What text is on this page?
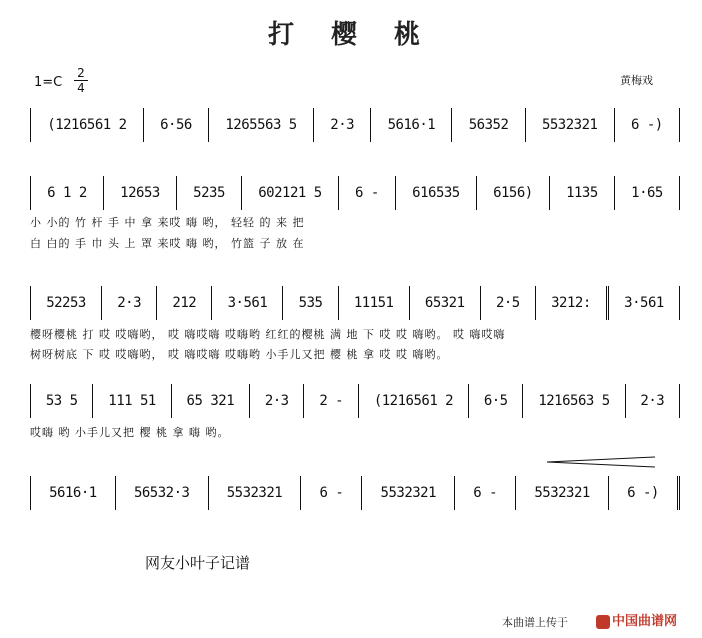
打 樱 桃
1=C
2
4
黄梅戏
(1216561 2	6·56	1265563 5	2·3	5616·1	56352	5532321	6 -)
6 1 2	12653	5235	602121 5	6 -	616535	6156)	1135	1·65
小 小的 竹 杆 手 中 拿 来哎 嗨 哟， 轻轻 的 来 把
白 白的 手 巾 头 上 罩 来哎 嗨 哟， 竹篮 子 放 在
52253	2·3	212	3·561	535	11151	65321	2·5	3212:	3·561
樱呀樱桃 打 哎 哎嗨哟， 哎 嗨哎嗨 哎嗨哟 红红的樱桃 满 地 下 哎 哎 嗨哟。 哎 嗨哎嗨
树呀树底 下 哎 哎嗨哟， 哎 嗨哎嗨 哎嗨哟 小手儿又把 樱 桃 拿 哎 哎 嗨哟。
53 5	111 51	65 321	2·3	2 -	(1216561 2	6·5	1216563 5	2·3
哎嗨 哟 小手儿又把 樱 桃 拿 嗨 哟。
5616·1	56532·3	5532321	6 -	5532321	6 -	5532321	6 -)
网友小叶子记谱
本曲谱上传于	中国曲谱网
